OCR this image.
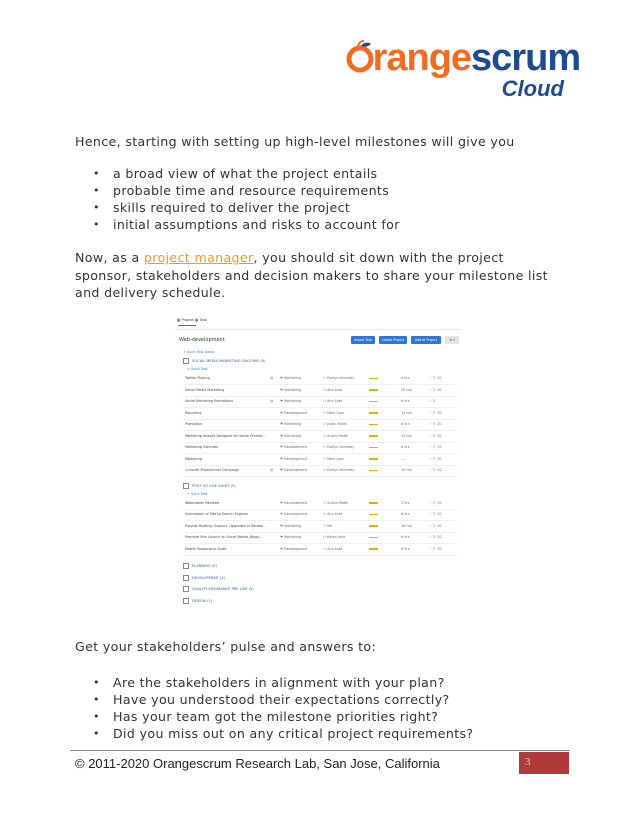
rangescrum
Cloud
Hence, starting with setting up high-level milestones will give you
• a broad view of what the project entails
• probable time and resource requirements
• skills required to deliver the project
• initial assumptions and risks to account for
Now, as a project manager, you should sit down with the project sponsor, stakeholders and decision makers to share your milestone list and delivery schedule.
▦ Project ▦ Task
Web-development	Import Task	Create Project	Add to Project	⚙ ▾
+ Quick Task Group
SOCIAL MEDIA MARKETING ONGOING (9)
+ Quick Task
Twitter Posting	▤ ⚑ Marketing	⚇ Evelyn Kennedy	4 hrs	✓ ⎘ ⌫
Social Media Marketing	⚑ Marketing	⚇ Ann Leaf	20 hrs	✓ ⎘ ⌫
Social Marketing Promotions	▤ ⚑ Marketing	⚇ Ann Leaf	6 hrs	✓ ⎘
Reporting	⚑ Development	⚇ Mark Lyon	12 hrs	✓ ⎘ ⌫
Promotion	⚑ Marketing	⚇ Justin Mathi	6 hrs	✓ ⎘ ⌫
Marketing Images Designed for Social Promot...	⚑ Marketing	⚇ Austin Mathi	12 hrs	✓ ⎘ ⌫
Marketing Calendar	⚑ Development	⚇ Evelyn Kennedy	6 hrs	✓ ⎘ ⌫
Marketing	⚑ Development	⚇ Mark Lyon	---	✓ ⎘ ⌫
1-month Promotional Campaign	▤ ⚑ Development	⚇ Evelyn Kennedy	10 hrs	✓ ⎘ ⌫
POST GO LIVE AUDIT (5)
+ Quick Task
Webmaster Reviews	⚑ Development	⚇ Austin Mathi	2 hrs	✓ ⎘ ⌫
Submission of Site to Search Engines	⚑ Development	⚇ Ann Leaf	8 hrs	✓ ⎘ ⌫
Provide Hosting, Support, Upgrades or Renew...	⚑ Marketing	⚇ Me	16 hrs	✓ ⎘ ⌫
Promote Site Launch on Social Media, Blogs,...	⚑ Marketing	⚇ Karen Jove	6 hrs	✓ ⎘ ⌫
Mobile Responsive Audit	⚑ Development	⚇ Ann Leaf	6 hrs	✓ ⎘ ⌫
PLANNING (9)
DEVELOPMENT (4)
QUALITY ASSURANCE PRE LIVE (9)
DESIGN (1)
Get your stakeholders’ pulse and answers to:
• Are the stakeholders in alignment with your plan?
• Have you understood their expectations correctly?
• Has your team got the milestone priorities right?
• Did you miss out on any critical project requirements?
© 2011-2020 Orangescrum Research Lab, San Jose, California	3
